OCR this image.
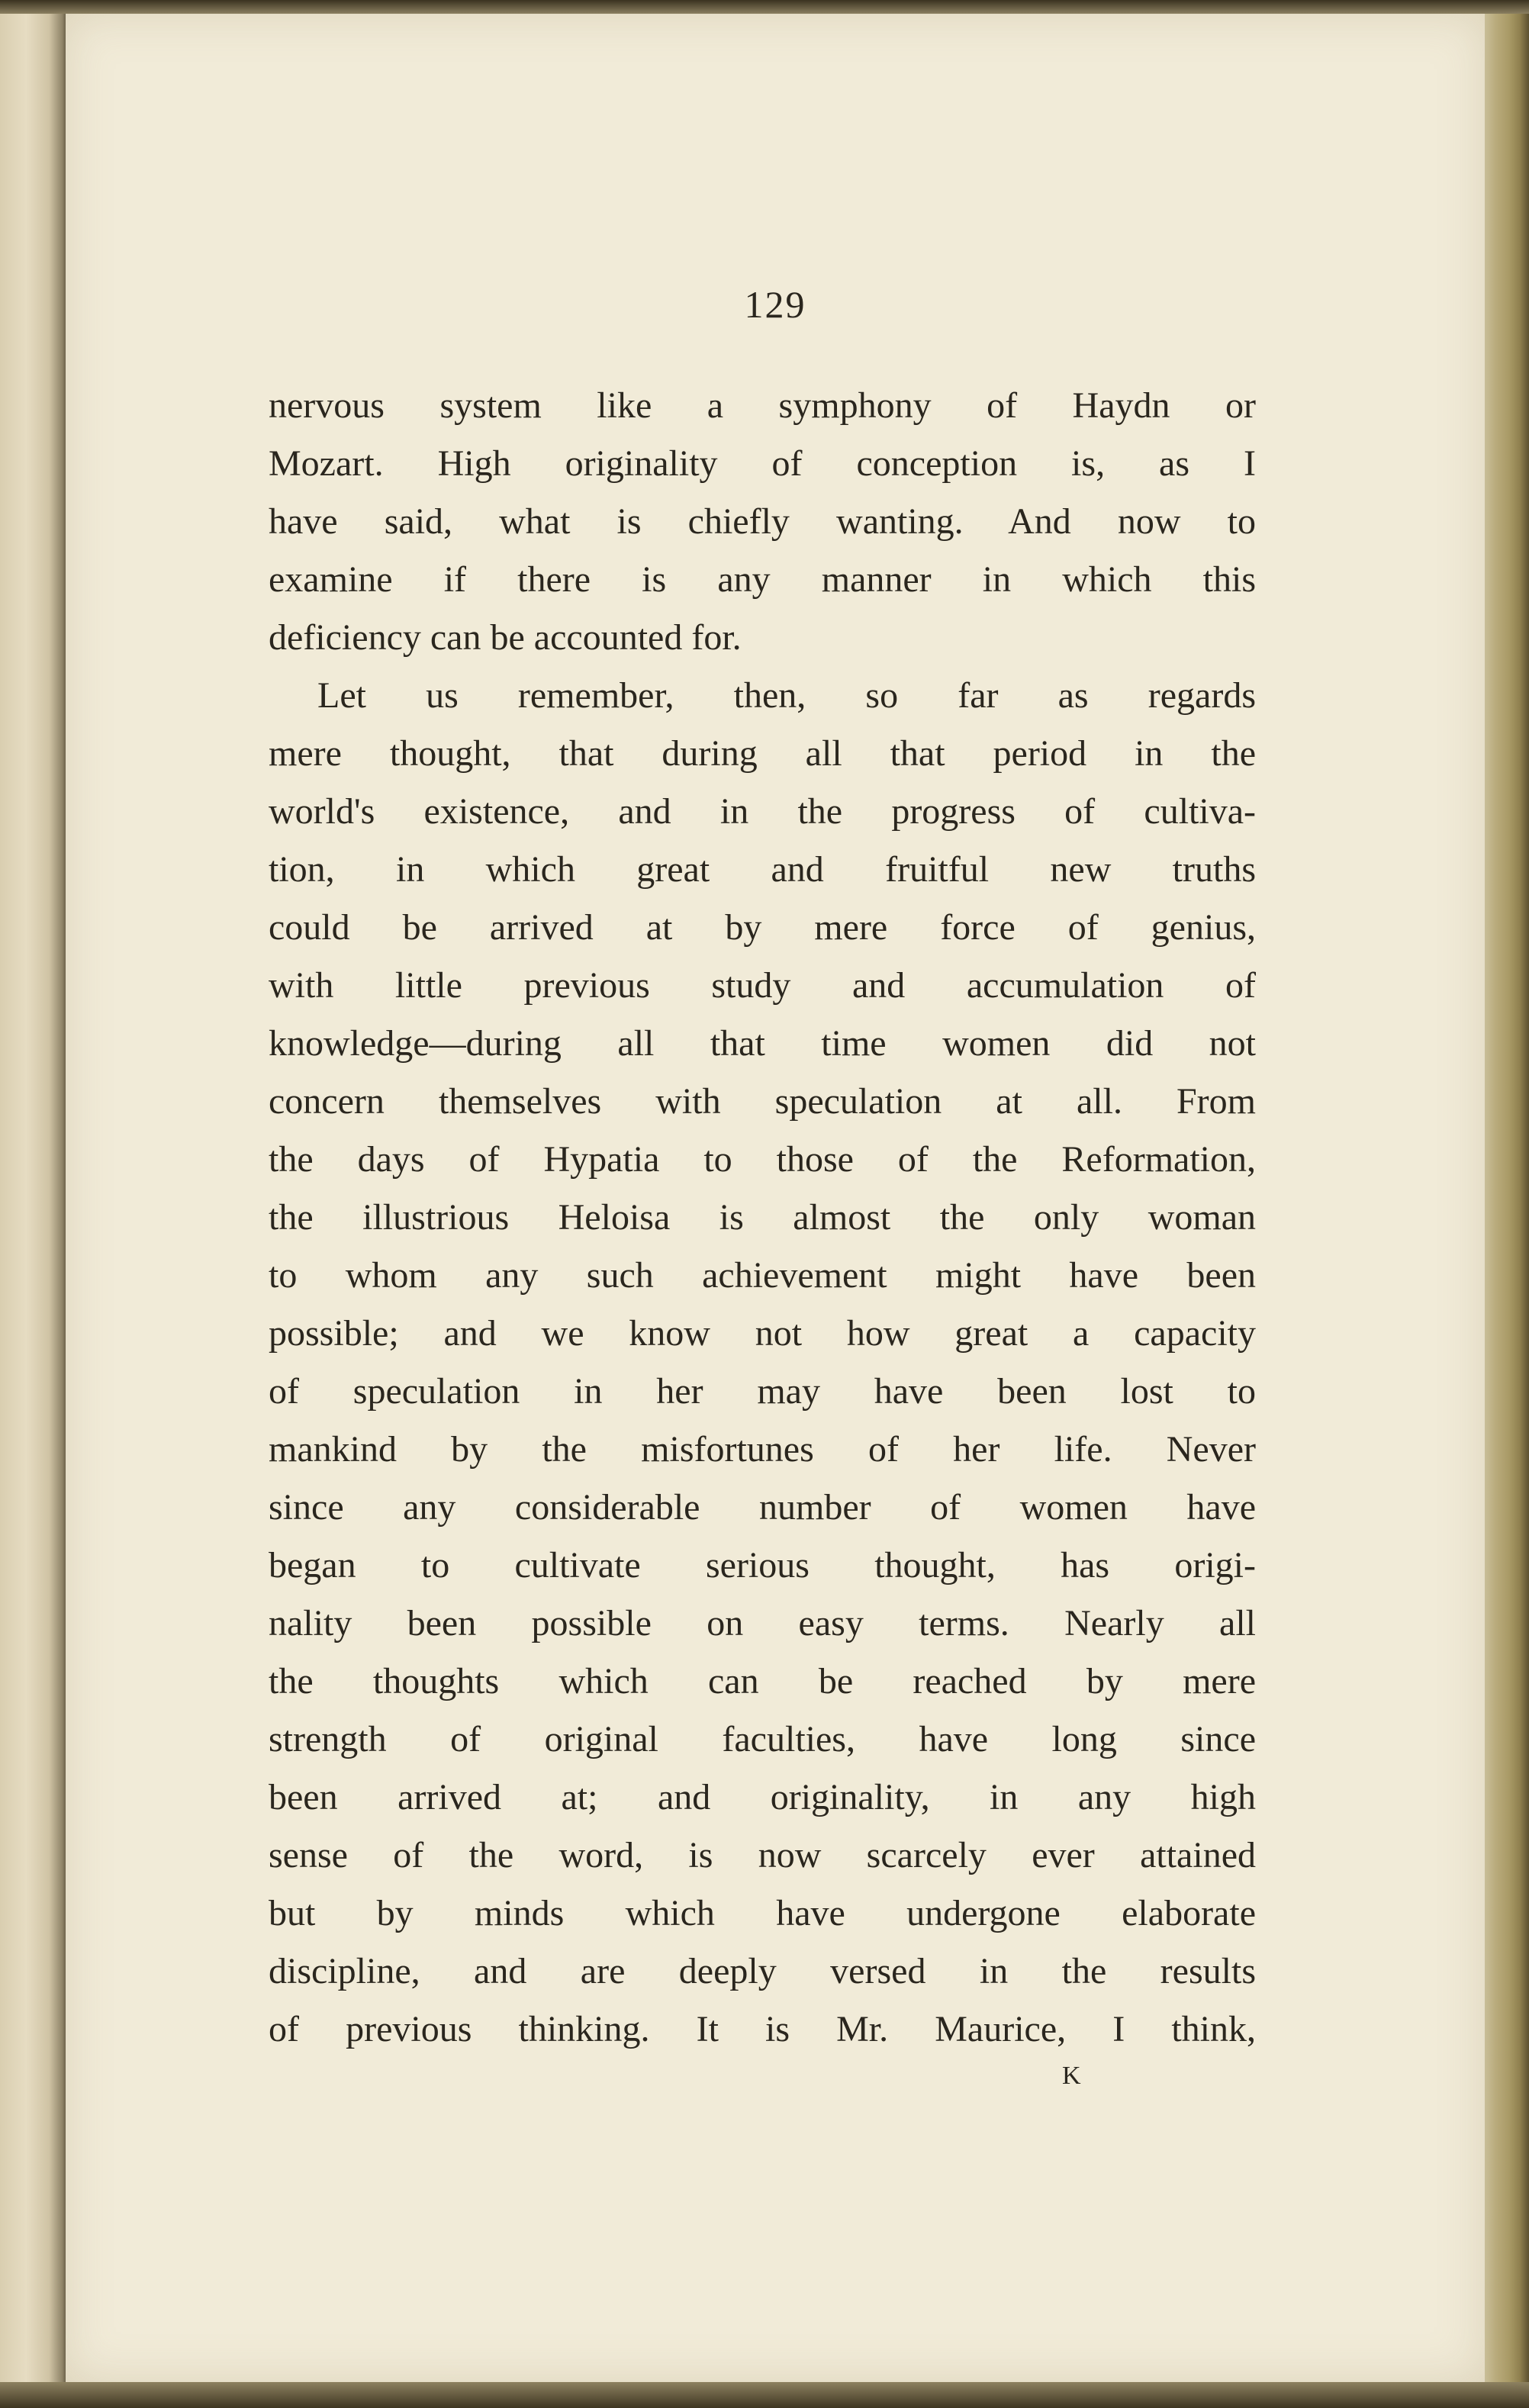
129
nervous system like a symphony of Haydn or
Mozart. High originality of conception is, as I
have said, what is chiefly wanting. And now to
examine if there is any manner in which this
deficiency can be accounted for.
Let us remember, then, so far as regards
mere thought, that during all that period in the
world's existence, and in the progress of cultiva-
tion, in which great and fruitful new truths
could be arrived at by mere force of genius,
with little previous study and accumulation of
knowledge—during all that time women did not
concern themselves with speculation at all. From
the days of Hypatia to those of the Reformation,
the illustrious Heloisa is almost the only woman
to whom any such achievement might have been
possible; and we know not how great a capacity
of speculation in her may have been lost to
mankind by the misfortunes of her life. Never
since any considerable number of women have
began to cultivate serious thought, has origi-
nality been possible on easy terms. Nearly all
the thoughts which can be reached by mere
strength of original faculties, have long since
been arrived at; and originality, in any high
sense of the word, is now scarcely ever attained
but by minds which have undergone elaborate
discipline, and are deeply versed in the results
of previous thinking. It is Mr. Maurice, I think,
K
